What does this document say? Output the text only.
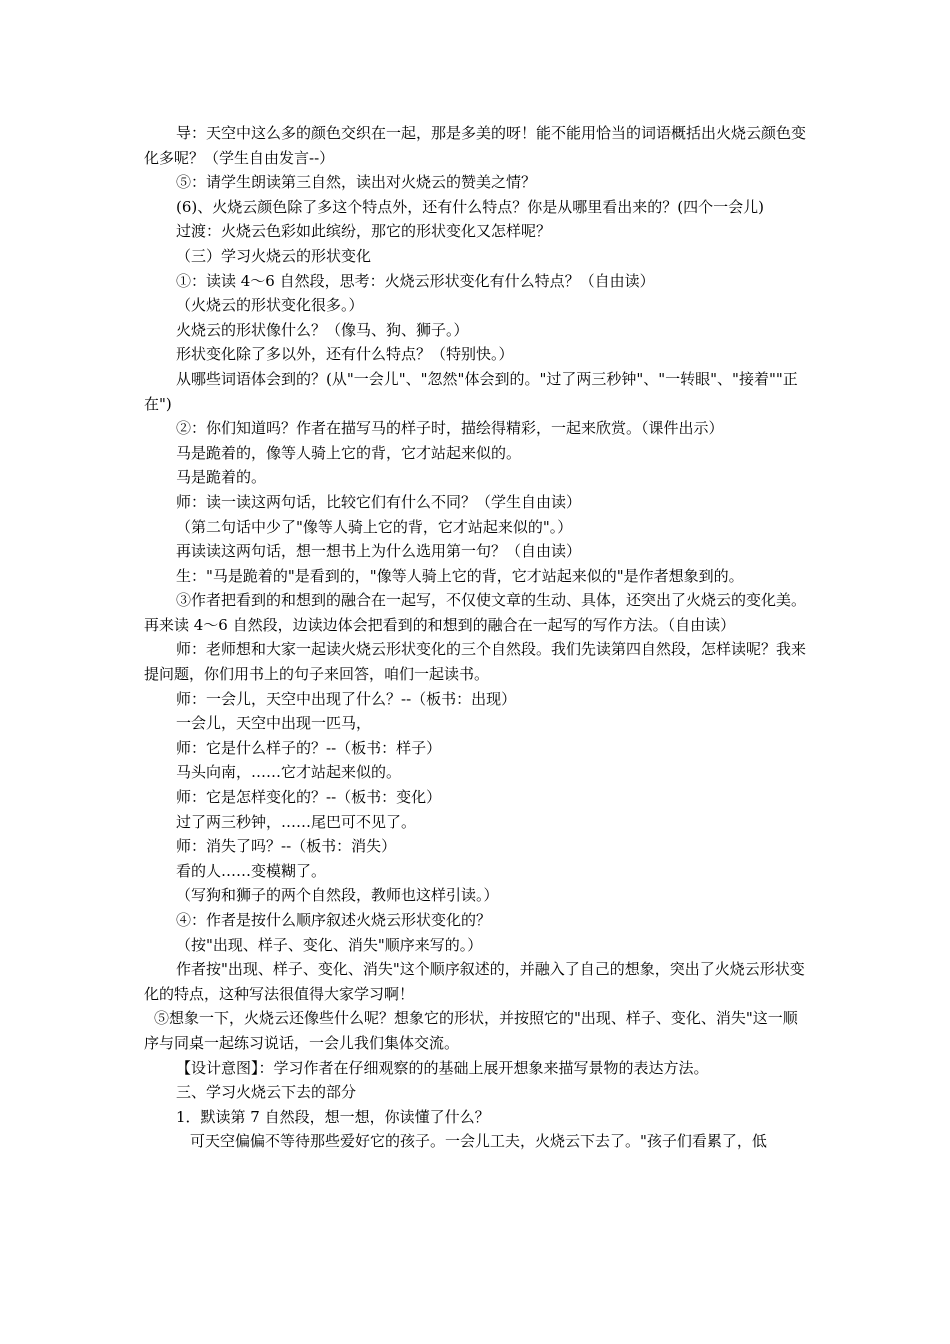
导：天空中这么多的颜色交织在一起，那是多美的呀！能不能用恰当的词语概括出火烧云颜色变化多呢？（学生自由发言--）

⑤：请学生朗读第三自然，读出对火烧云的赞美之情？

(6)、火烧云颜色除了多这个特点外，还有什么特点？你是从哪里看出来的？(四个一会儿)

过渡：火烧云色彩如此缤纷，那它的形状变化又怎样呢？

（三）学习火烧云的形状变化

①：读读 4～6 自然段，思考：火烧云形状变化有什么特点？（自由读）

（火烧云的形状变化很多。）

火烧云的形状像什么？（像马、狗、狮子。）

形状变化除了多以外，还有什么特点？（特别快。）

从哪些词语体会到的？(从"一会儿"、"忽然"体会到的。"过了两三秒钟"、"一转眼"、"接着""正在")

②：你们知道吗？作者在描写马的样子时，描绘得精彩，一起来欣赏。（课件出示）

马是跪着的，像等人骑上它的背，它才站起来似的。

马是跪着的。

师：读一读这两句话，比较它们有什么不同？（学生自由读）

（第二句话中少了"像等人骑上它的背，它才站起来似的"。）

再读读这两句话，想一想书上为什么选用第一句？（自由读）

生："马是跪着的"是看到的，"像等人骑上它的背，它才站起来似的"是作者想象到的。

③作者把看到的和想到的融合在一起写，不仅使文章的生动、具体，还突出了火烧云的变化美。再来读 4～6 自然段，边读边体会把看到的和想到的融合在一起写的写作方法。（自由读）

师：老师想和大家一起读火烧云形状变化的三个自然段。我们先读第四自然段，怎样读呢？我来提问题，你们用书上的句子来回答，咱们一起读书。

师：一会儿，天空中出现了什么？--（板书：出现）

一会儿，天空中出现一匹马，

师：它是什么样子的？--（板书：样子）

马头向南，……它才站起来似的。

师：它是怎样变化的？--（板书：变化）

过了两三秒钟，……尾巴可不见了。

师：消失了吗？--（板书：消失）

看的人……变模糊了。

（写狗和狮子的两个自然段，教师也这样引读。）

④：作者是按什么顺序叙述火烧云形状变化的？

（按"出现、样子、变化、消失"顺序来写的。）

作者按"出现、样子、变化、消失"这个顺序叙述的，并融入了自己的想象，突出了火烧云形状变化的特点，这种写法很值得大家学习啊！

⑤想象一下，火烧云还像些什么呢？想象它的形状，并按照它的"出现、样子、变化、消失"这一顺序与同桌一起练习说话，一会儿我们集体交流。

【设计意图】：学习作者在仔细观察的的基础上展开想象来描写景物的表达方法。

三、学习火烧云下去的部分

1．默读第 7 自然段，想一想，你读懂了什么？

可天空偏偏不等待那些爱好它的孩子。一会儿工夫，火烧云下去了。"孩子们看累了，低
